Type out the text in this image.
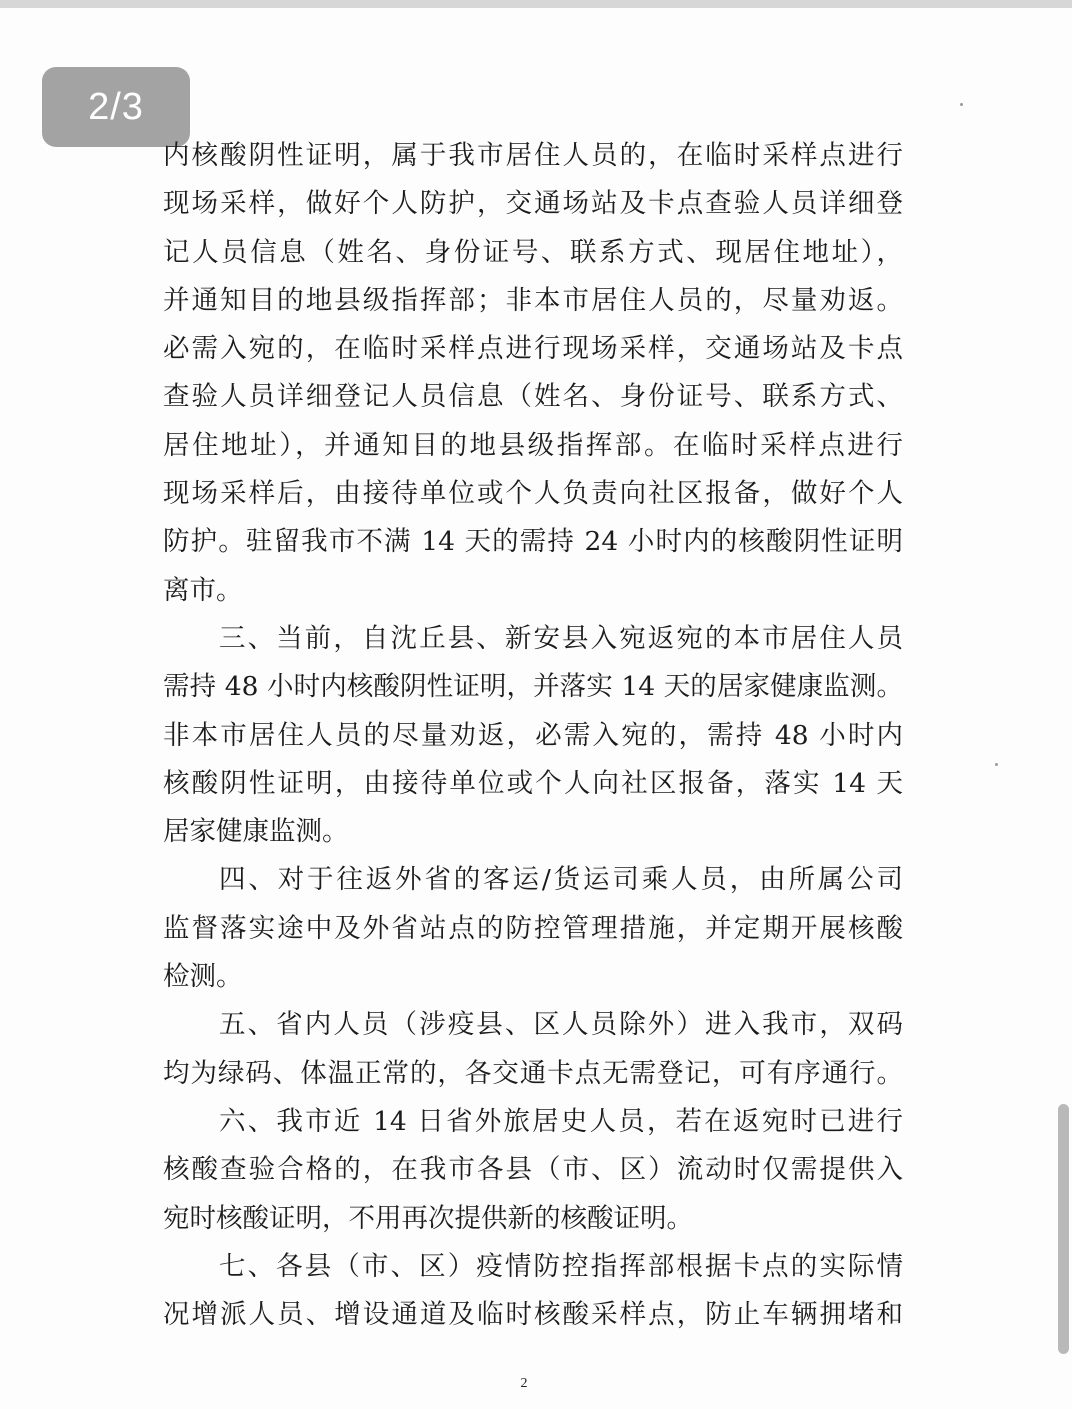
2/3
内核酸阴性证明，属于我市居住人员的，在临时采样点进行
现场采样，做好个人防护，交通场站及卡点查验人员详细登
记人员信息（姓名、身份证号、联系方式、现居住地址），
并通知目的地县级指挥部；非本市居住人员的，尽量劝返。
必需入宛的，在临时采样点进行现场采样，交通场站及卡点
查验人员详细登记人员信息（姓名、身份证号、联系方式、
居住地址），并通知目的地县级指挥部。在临时采样点进行
现场采样后，由接待单位或个人负责向社区报备，做好个人
防护。驻留我市不满 14 天的需持 24 小时内的核酸阴性证明
离市。
三、当前，自沈丘县、新安县入宛返宛的本市居住人员
需持 48 小时内核酸阴性证明，并落实 14 天的居家健康监测。
非本市居住人员的尽量劝返，必需入宛的，需持 48 小时内
核酸阴性证明，由接待单位或个人向社区报备，落实 14 天
居家健康监测。
四、对于往返外省的客运/货运司乘人员，由所属公司
监督落实途中及外省站点的防控管理措施，并定期开展核酸
检测。
五、省内人员（涉疫县、区人员除外）进入我市，双码
均为绿码、体温正常的，各交通卡点无需登记，可有序通行。
六、我市近 14 日省外旅居史人员，若在返宛时已进行
核酸查验合格的，在我市各县（市、区）流动时仅需提供入
宛时核酸证明，不用再次提供新的核酸证明。
七、各县（市、区）疫情防控指挥部根据卡点的实际情
况增派人员、增设通道及临时核酸采样点，防止车辆拥堵和
2
